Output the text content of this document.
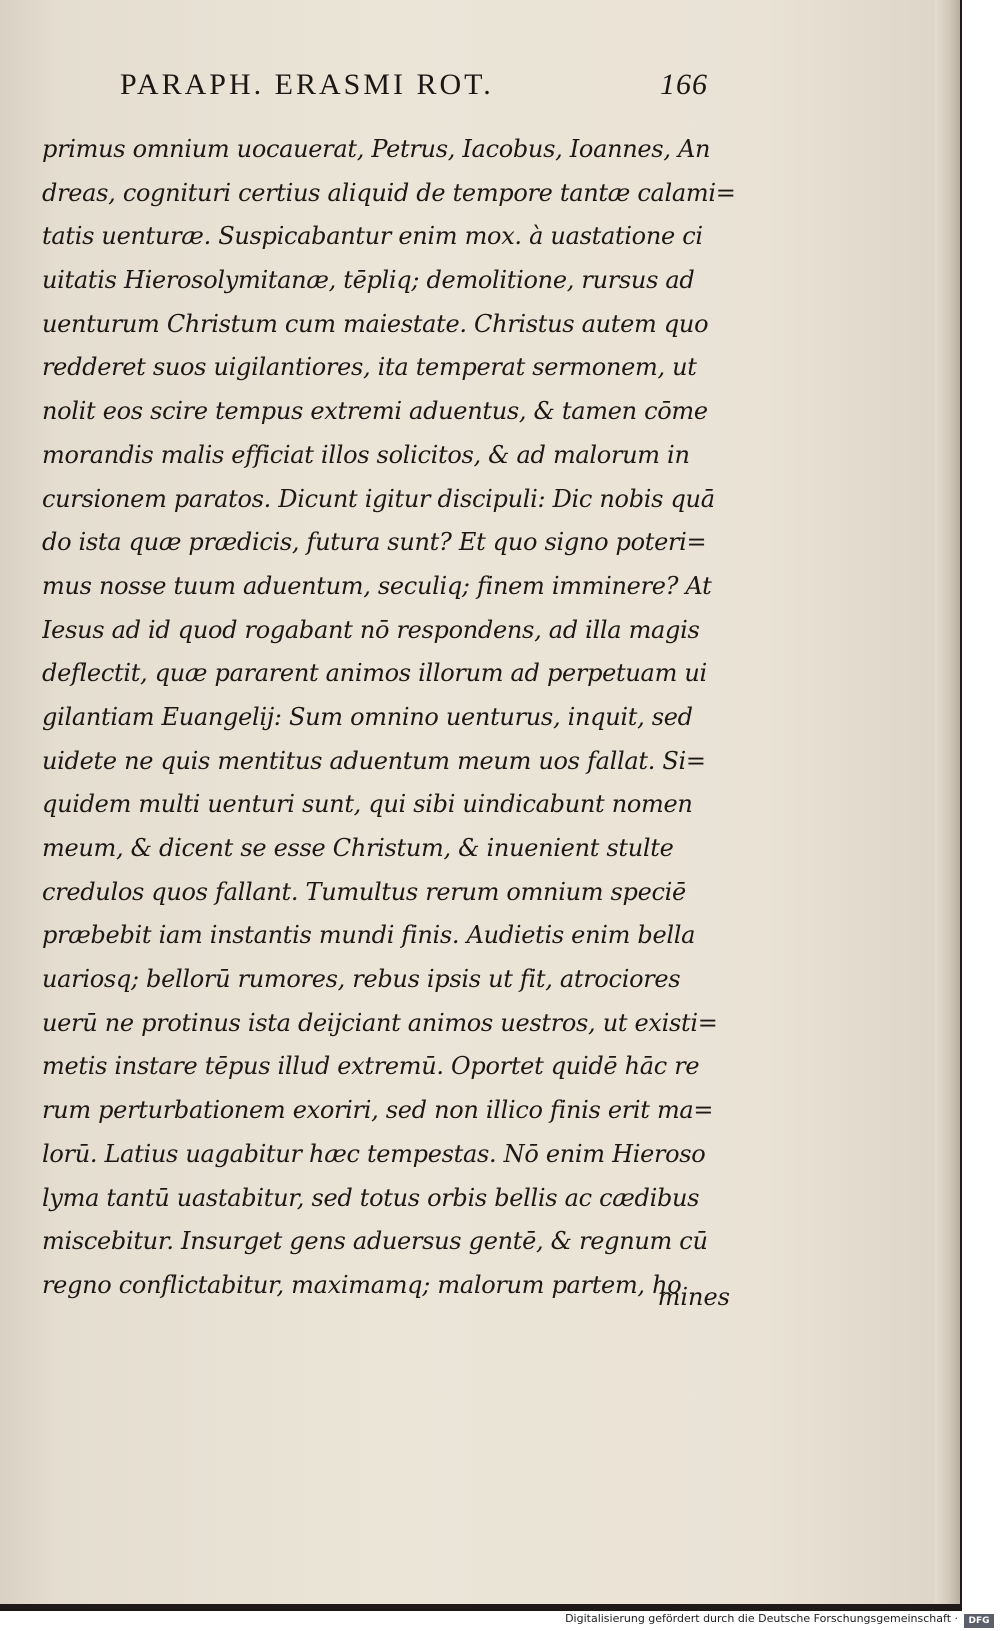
PARAPH. ERASMI ROT.	166
primus omnium uocauerat, Petrus, Iacobus, Ioannes, An
dreas, cognituri certius aliquid de tempore tantæ calami=
tatis uenturæ. Suspicabantur enim mox. à uastatione ci
uitatis Hierosolymitanæ, tēpliq; demolitione, rursus ad
uenturum Christum cum maiestate. Christus autem quo
redderet suos uigilantiores, ita temperat sermonem, ut
nolit eos scire tempus extremi aduentus, & tamen cōme
morandis malis efficiat illos solicitos, & ad malorum in
cursionem paratos. Dicunt igitur discipuli: Dic nobis quā
do ista quæ prædicis, futura sunt? Et quo signo poteri=
mus nosse tuum aduentum, seculiq; finem imminere? At
Iesus ad id quod rogabant nō respondens, ad illa magis
deflectit, quæ pararent animos illorum ad perpetuam ui
gilantiam Euangelij: Sum omnino uenturus, inquit, sed
uidete ne quis mentitus aduentum meum uos fallat. Si=
quidem multi uenturi sunt, qui sibi uindicabunt nomen
meum, & dicent se esse Christum, & inuenient stulte
credulos quos fallant. Tumultus rerum omnium speciē
præbebit iam instantis mundi finis. Audietis enim bella
uariosq; bellorū rumores, rebus ipsis ut fit, atrociores
uerū ne protinus ista deijciant animos uestros, ut existi=
metis instare tēpus illud extremū. Oportet quidē hāc re
rum perturbationem exoriri, sed non illico finis erit ma=
lorū. Latius uagabitur hæc tempestas. Nō enim Hieroso
lyma tantū uastabitur, sed totus orbis bellis ac cædibus
miscebitur. Insurget gens aduersus gentē, & regnum cū
regno conflictabitur, maximamq; malorum partem, ho
mines
Digitalisierung gefördert durch die Deutsche Forschungsgemeinschaft ·	DFG
